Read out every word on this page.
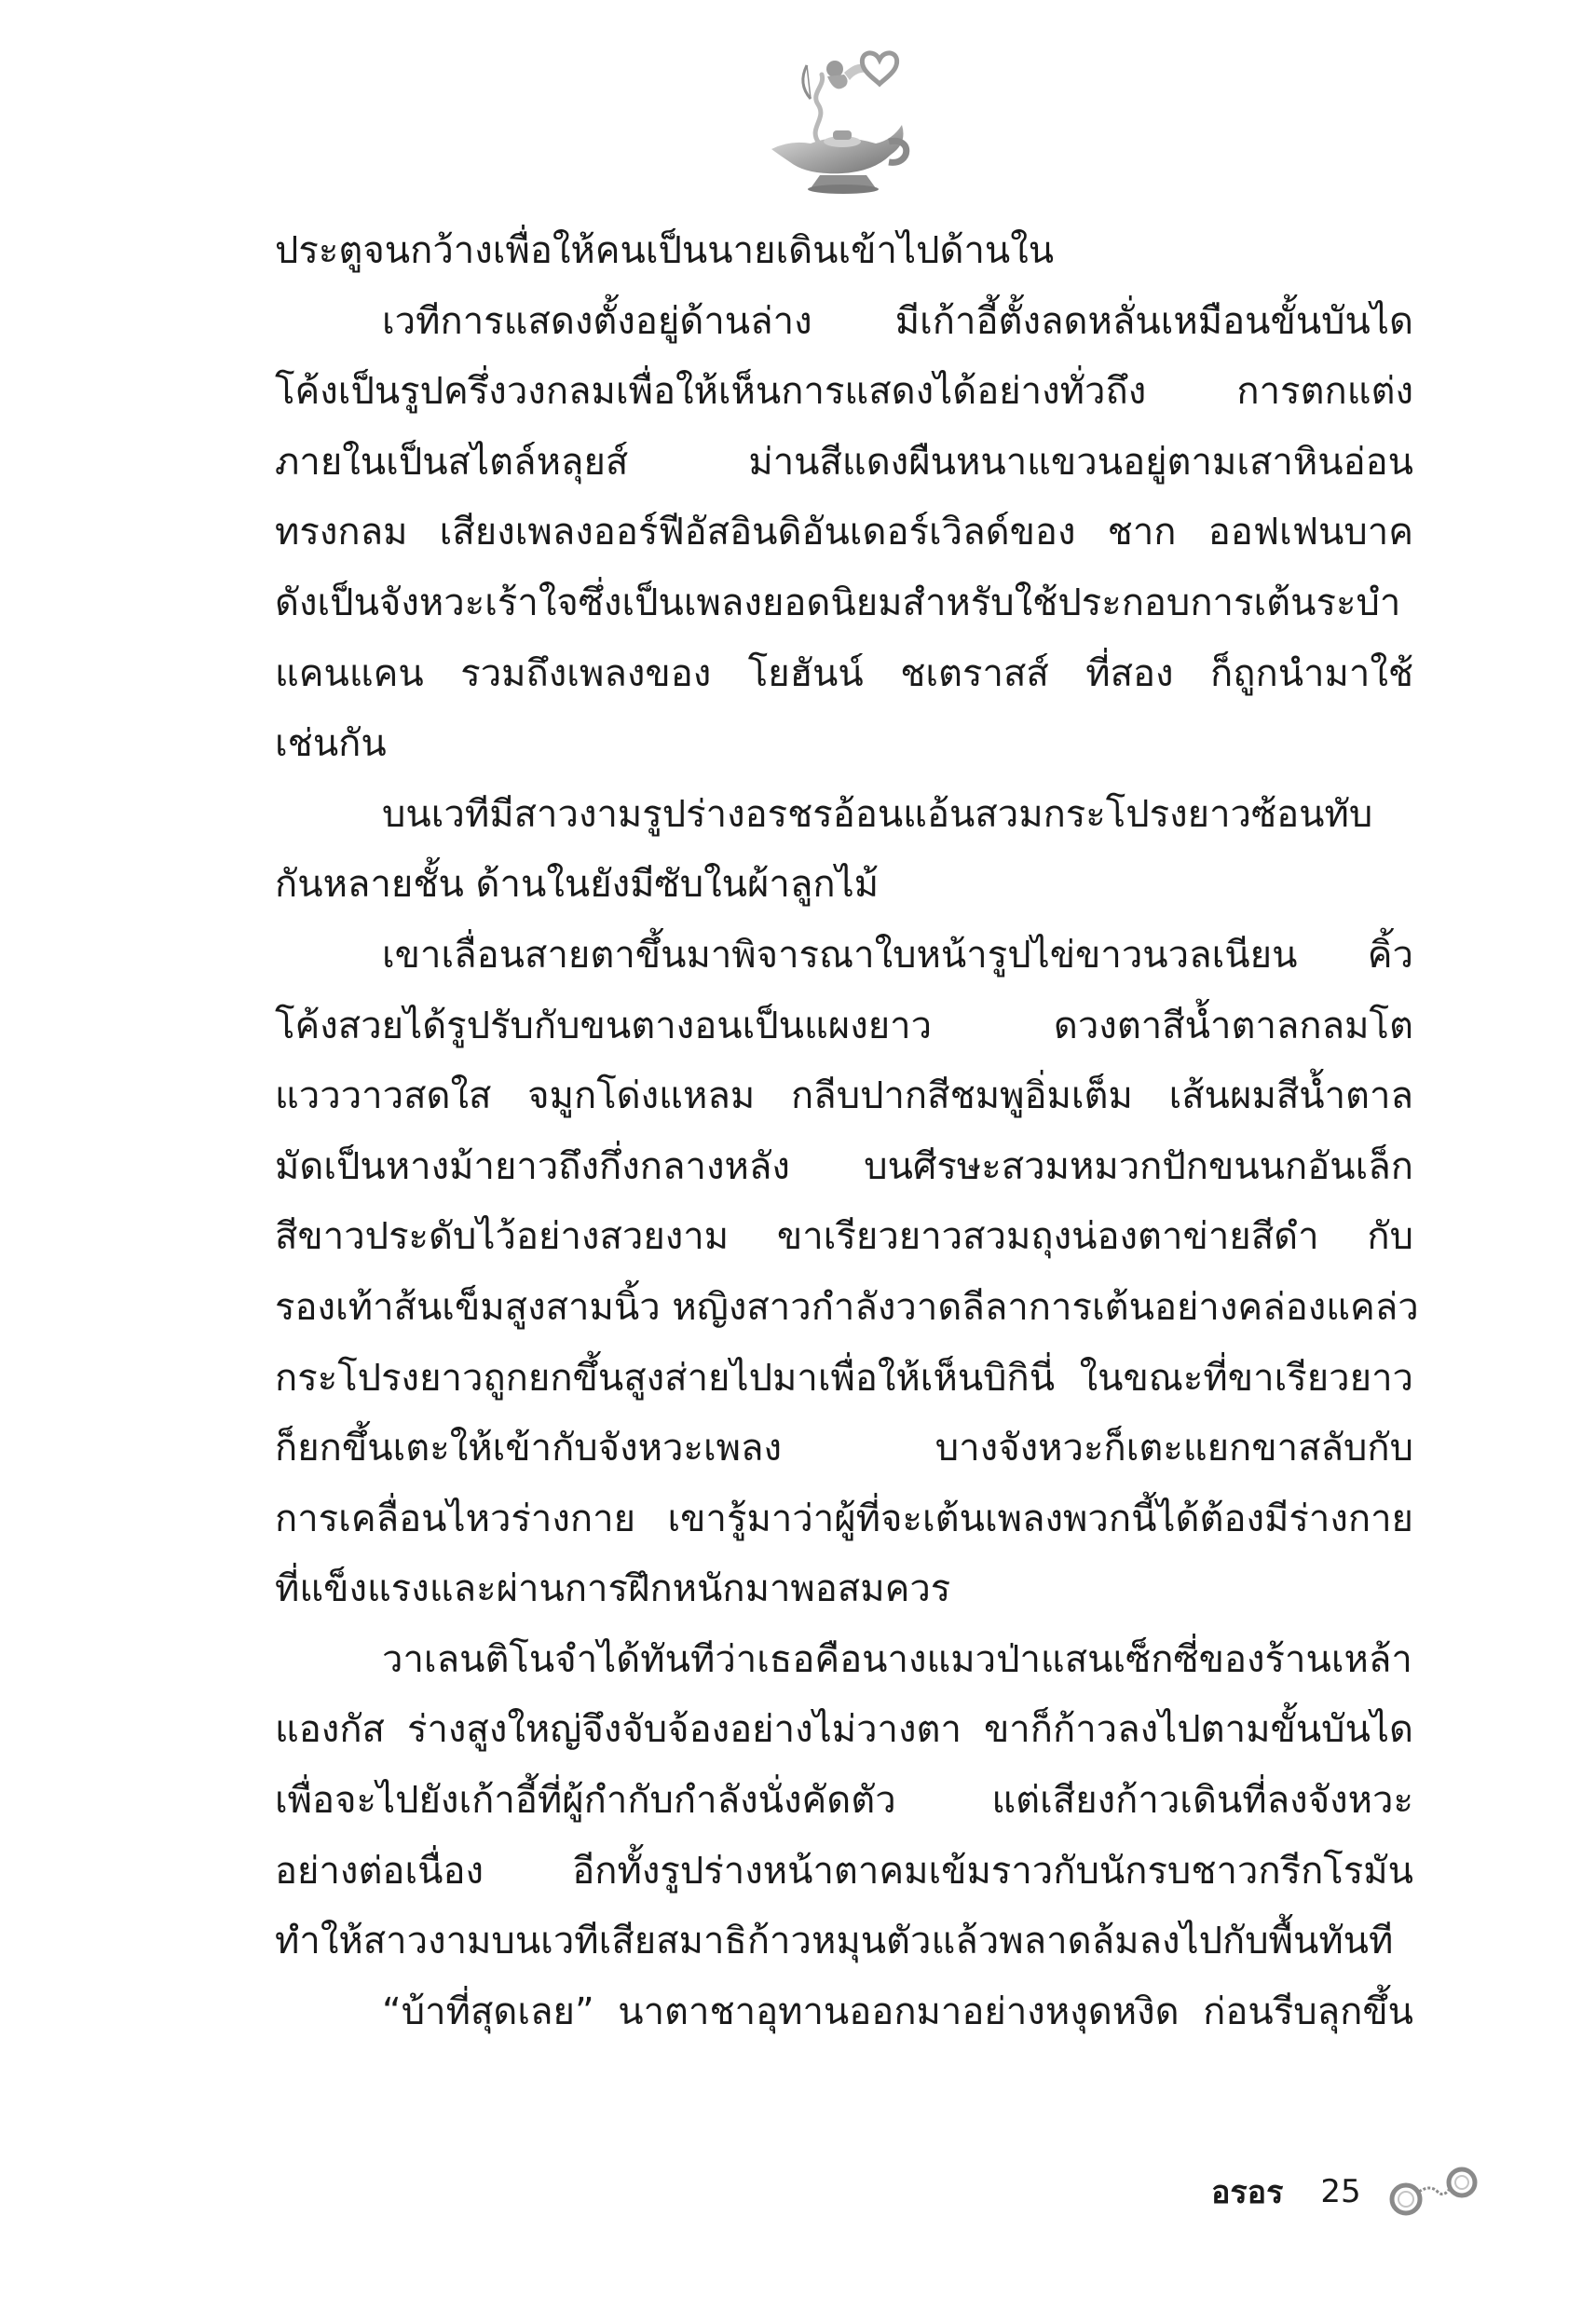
ประตูจนกว้างเพื่อให้คนเป็นนายเดินเข้าไปด้านใน
เวทีการแสดงตั้งอยู่ด้านล่าง มีเก้าอี้ตั้งลดหลั่นเหมือนขั้นบันได
โค้งเป็นรูปครึ่งวงกลมเพื่อให้เห็นการแสดงได้อย่างทั่วถึง การตกแต่ง
ภายในเป็นสไตล์หลุยส์ ม่านสีแดงผืนหนาแขวนอยู่ตามเสาหินอ่อน
ทรงกลม เสียงเพลงออร์ฟีอัสอินดิอันเดอร์เวิลด์ของ ชาก ออฟเฟนบาค
ดังเป็นจังหวะเร้าใจซึ่งเป็นเพลงยอดนิยมสำหรับใช้ประกอบการเต้นระบำ
แคนแคน รวมถึงเพลงของ โยฮันน์ ชเตราสส์ ที่สอง ก็ถูกนำมาใช้
เช่นกัน
บนเวทีมีสาวงามรูปร่างอรชรอ้อนแอ้นสวมกระโปรงยาวซ้อนทับ
กันหลายชั้น ด้านในยังมีซับในผ้าลูกไม้
เขาเลื่อนสายตาขึ้นมาพิจารณาใบหน้ารูปไข่ขาวนวลเนียน คิ้ว
โค้งสวยได้รูปรับกับขนตางอนเป็นแผงยาว ดวงตาสีน้ำตาลกลมโต
แวววาวสดใส จมูกโด่งแหลม กลีบปากสีชมพูอิ่มเต็ม เส้นผมสีน้ำตาล
มัดเป็นหางม้ายาวถึงกึ่งกลางหลัง บนศีรษะสวมหมวกปักขนนกอันเล็ก
สีขาวประดับไว้อย่างสวยงาม ขาเรียวยาวสวมถุงน่องตาข่ายสีดำ กับ
รองเท้าส้นเข็มสูงสามนิ้ว หญิงสาวกำลังวาดลีลาการเต้นอย่างคล่องแคล่ว
กระโปรงยาวถูกยกขึ้นสูงส่ายไปมาเพื่อให้เห็นบิกินี่ ในขณะที่ขาเรียวยาว
ก็ยกขึ้นเตะให้เข้ากับจังหวะเพลง บางจังหวะก็เตะแยกขาสลับกับ
การเคลื่อนไหวร่างกาย เขารู้มาว่าผู้ที่จะเต้นเพลงพวกนี้ได้ต้องมีร่างกาย
ที่แข็งแรงและผ่านการฝึกหนักมาพอสมควร
วาเลนติโนจำได้ทันทีว่าเธอคือนางแมวป่าแสนเซ็กซี่ของร้านเหล้า
แองกัส ร่างสูงใหญ่จึงจับจ้องอย่างไม่วางตา ขาก็ก้าวลงไปตามขั้นบันได
เพื่อจะไปยังเก้าอี้ที่ผู้กำกับกำลังนั่งคัดตัว แต่เสียงก้าวเดินที่ลงจังหวะ
อย่างต่อเนื่อง อีกทั้งรูปร่างหน้าตาคมเข้มราวกับนักรบชาวกรีกโรมัน
ทำให้สาวงามบนเวทีเสียสมาธิก้าวหมุนตัวแล้วพลาดล้มลงไปกับพื้นทันที
“บ้าที่สุดเลย” นาตาชาอุทานออกมาอย่างหงุดหงิด ก่อนรีบลุกขึ้น
อรอร 25
